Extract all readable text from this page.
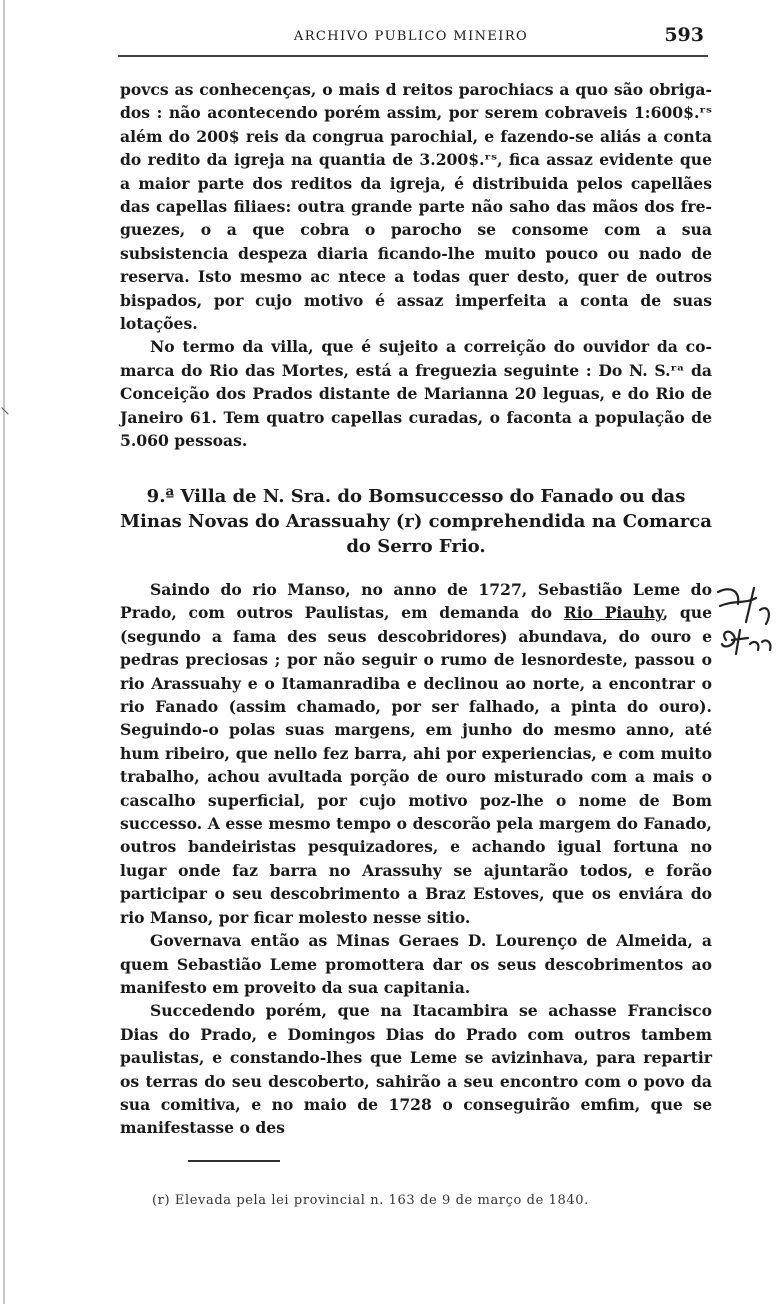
⸜
ARCHIVO PUBLICO MINEIRO	593

povcs as conhecenças, o mais d reitos parochiacs a quo são obrigados : não acontecendo porém assim, por serem cobraveis 1:600$.ʳˢ além do 200$ reis da congrua parochial, e fazendo-se aliás a conta do redito da igreja na quantia de 3.200$.ʳˢ, fica assaz evidente que a maior parte dos reditos da igreja, é distribuida pelos capellães das capellas filiaes: outra grande parte não saho das mãos dos freguezes, o a que cobra o parocho se consome com a sua subsistencia despeza diaria ficando-lhe muito pouco ou nado de reserva. Isto mesmo ac ntece a todas quer desto, quer de outros bispados, por cujo motivo é assaz imperfeita a conta de suas lotações.

No termo da villa, que é sujeito a correição do ouvidor da comarca do Rio das Mortes, está a freguezia seguinte : Do N. S.ʳᵃ da Conceição dos Prados distante de Marianna 20 leguas, e do Rio de Janeiro 61. Tem quatro capellas curadas, o faconta a população de 5.060 pessoas.

9.ª Villa de N. Sra. do Bomsuccesso do Fanado ou das Minas Novas do Arassuahy (r) comprehendida na Comarca do Serro Frio.

Saindo do rio Manso, no anno de 1727, Sebastião Leme do Prado, com outros Paulistas, em demanda do Rio Piauhy, que (segundo a fama des seus descobridores) abundava, do ouro e pedras preciosas ; por não seguir o rumo de lesnordeste, passou o rio Arassuahy e o Itamanradiba e declinou ao norte, a encontrar o rio Fanado (assim chamado, por ser falhado, a pinta do ouro). Seguindo-o polas suas margens, em junho do mesmo anno, até hum ribeiro, que nello fez barra, ahi por experiencias, e com muito trabalho, achou avultada porção de ouro misturado com a mais o cascalho superficial, por cujo motivo poz-lhe o nome de Bom successo. A esse mesmo tempo o descorão pela margem do Fanado, outros bandeiristas pesquizadores, e achando igual fortuna no lugar onde faz barra no Arassuhy se ajuntarão todos, e forão participar o seu descobrimento a Braz Estoves, que os enviára do rio Manso, por ficar molesto nesse sitio.

Governava então as Minas Geraes D. Lourenço de Almeida, a quem Sebastião Leme promottera dar os seus descobrimentos ao manifesto em proveito da sua capitania.

Succedendo porém, que na Itacambira se achasse Francisco Dias do Prado, e Domingos Dias do Prado com outros tambem paulistas, e constando-lhes que Leme se avizinhava, para repartir os terras do seu descoberto, sahirão a seu encontro com o povo da sua comitiva, e no maio de 1728 o conseguirão emfim, que se manifestasse o des

(r) Elevada pela lei provincial n. 163 de 9 de março de 1840.
